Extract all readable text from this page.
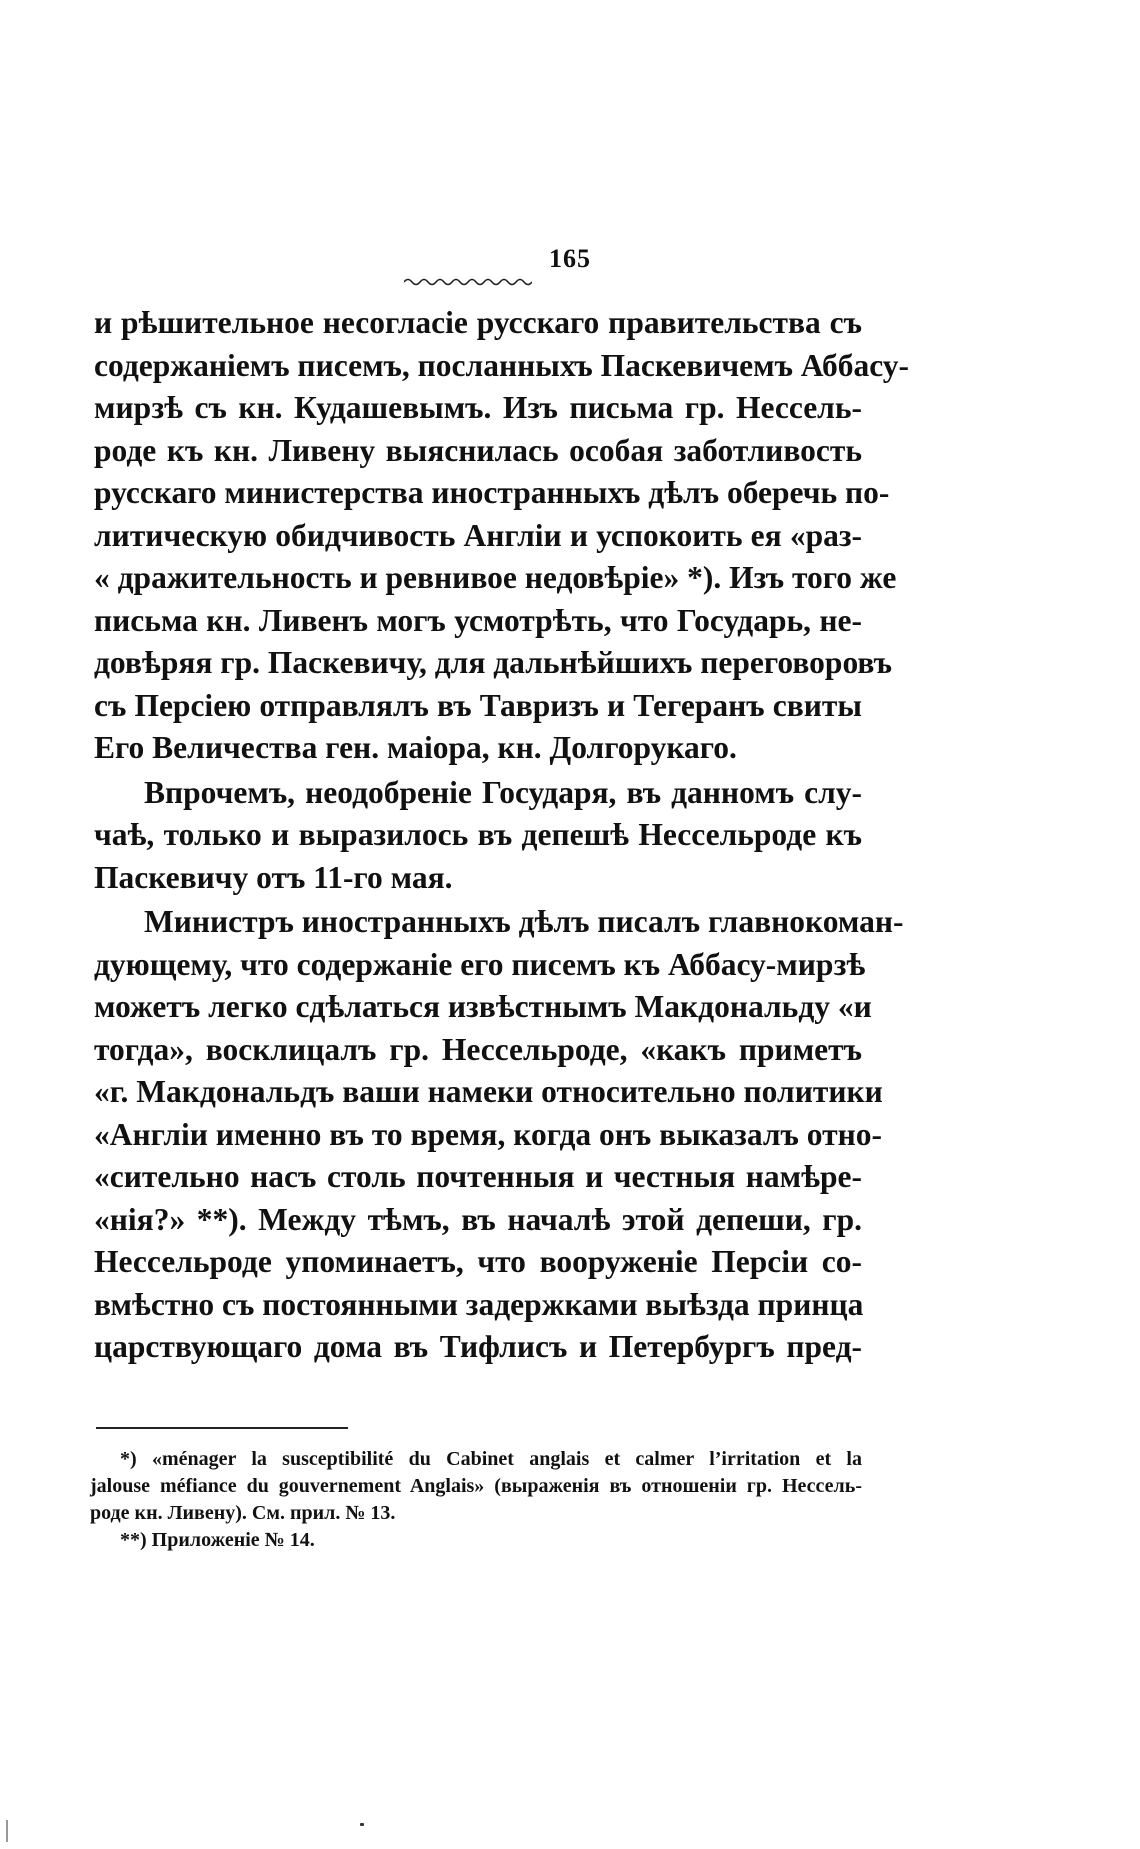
165
и рѣшительное несогласіе русскаго правительства съ
содержаніемъ писемъ, посланныхъ Паскевичемъ Аббасу-
мирзѣ съ кн. Кудашевымъ. Изъ письма гр. Нессель-
роде къ кн. Ливену выяснилась особая заботливость
русскаго министерства иностранныхъ дѣлъ оберечь по-
литическую обидчивость Англіи и успокоить ея «раз-
« дражительность и ревнивое недовѣріе» *). Изъ того же
письма кн. Ливенъ могъ усмотрѣть, что Государь, не-
довѣряя гр. Паскевичу, для дальнѣйшихъ переговоровъ
съ Персіею отправлялъ въ Тавризъ и Тегеранъ свиты
Его Величества ген. маіора, кн. Долгорукаго.
Впрочемъ, неодобреніе Государя, въ данномъ слу-
чаѣ, только и выразилось въ депешѣ Нессельроде къ
Паскевичу отъ 11-го мая.
Министръ иностранныхъ дѣлъ писалъ главнокоман-
дующему, что содержаніе его писемъ къ Аббасу-мирзѣ
можетъ легко сдѣлаться извѣстнымъ Макдональду «и
тогда», восклицалъ гр. Нессельроде, «какъ приметъ
«г. Макдональдъ ваши намеки относительно политики
«Англіи именно въ то время, когда онъ выказалъ отно-
«сительно насъ столь почтенныя и честныя намѣре-
«нія?» **). Между тѣмъ, въ началѣ этой депеши, гр.
Нессельроде упоминаетъ, что вооруженіе Персіи со-
вмѣстно съ постоянными задержками выѣзда принца
царствующаго дома въ Тифлисъ и Петербургъ пред-
*) «ménager la susceptibilité du Cabinet anglais et calmer l’irritation et la
jalouse méfiance du gouvernement Anglais» (выраженія въ отношеніи гр. Нессель-
роде кн. Ливену). См. прил. № 13.
**) Приложеніе № 14.
